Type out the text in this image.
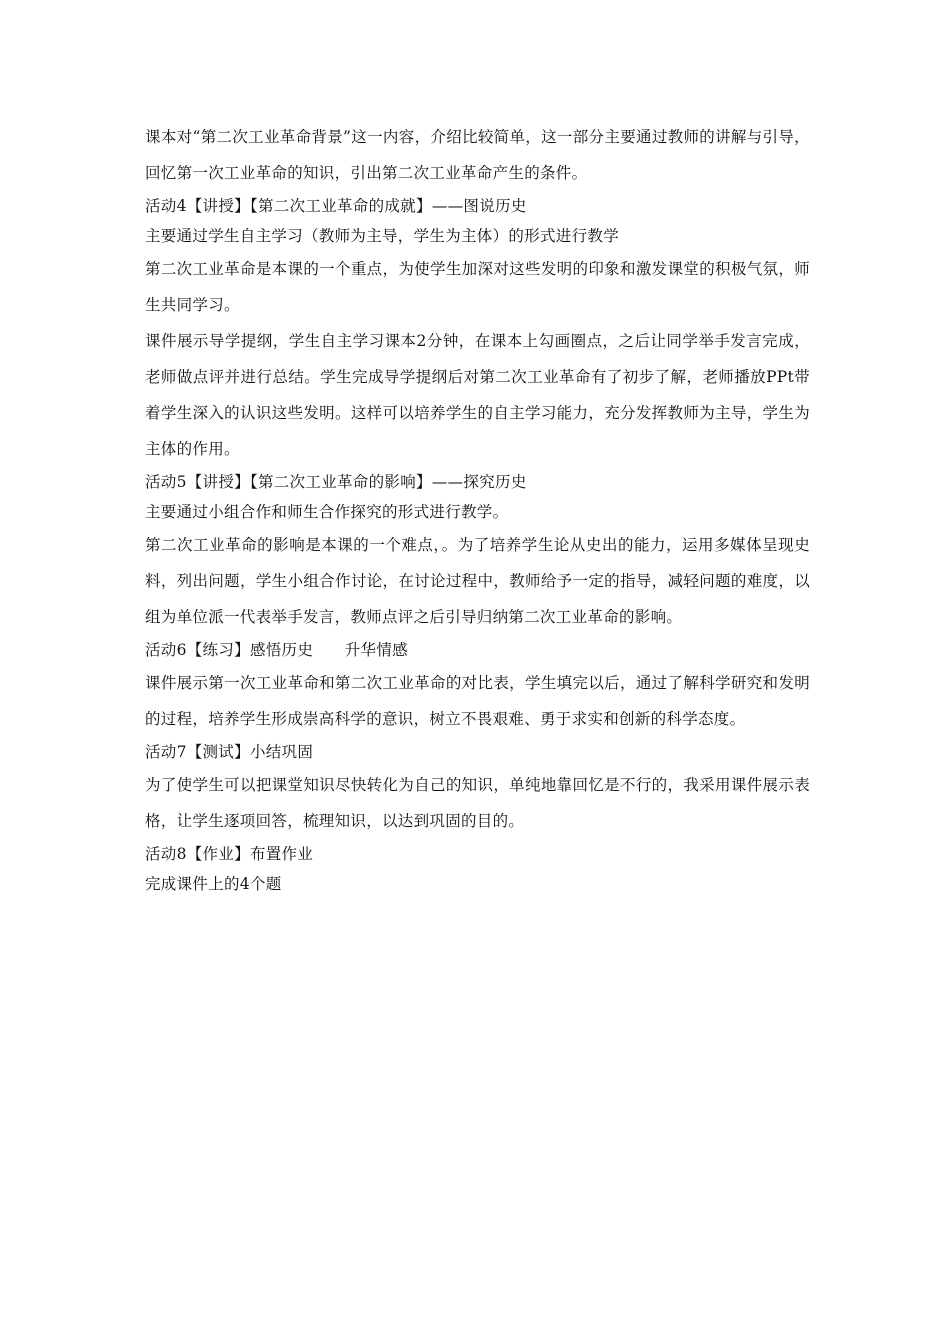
课本对“第二次工业革命背景”这一内容，介绍比较简单，这一部分主要通过教师的讲解与引导，回忆第一次工业革命的知识，引出第二次工业革命产生的条件。

活动4【讲授】【第二次工业革命的成就】——图说历史

主要通过学生自主学习（教师为主导，学生为主体）的形式进行教学

第二次工业革命是本课的一个重点，为使学生加深对这些发明的印象和激发课堂的积极气氛，师生共同学习。

课件展示导学提纲，学生自主学习课本2分钟，在课本上勾画圈点，之后让同学举手发言完成，老师做点评并进行总结。学生完成导学提纲后对第二次工业革命有了初步了解，老师播放PPt带着学生深入的认识这些发明。这样可以培养学生的自主学习能力，充分发挥教师为主导，学生为主体的作用。

活动5【讲授】【第二次工业革命的影响】——探究历史

主要通过小组合作和师生合作探究的形式进行教学。

第二次工业革命的影响是本课的一个难点，。为了培养学生论从史出的能力，运用多媒体呈现史料，列出问题，学生小组合作讨论，在讨论过程中，教师给予一定的指导，减轻问题的难度，以组为单位派一代表举手发言，教师点评之后引导归纳第二次工业革命的影响。

活动6【练习】感悟历史　　升华情感

课件展示第一次工业革命和第二次工业革命的对比表，学生填完以后，通过了解科学研究和发明的过程，培养学生形成崇高科学的意识，树立不畏艰难、勇于求实和创新的科学态度。

活动7【测试】小结巩固

为了使学生可以把课堂知识尽快转化为自己的知识，单纯地靠回忆是不行的，我采用课件展示表格，让学生逐项回答，梳理知识，以达到巩固的目的。

活动8【作业】布置作业

完成课件上的4个题
